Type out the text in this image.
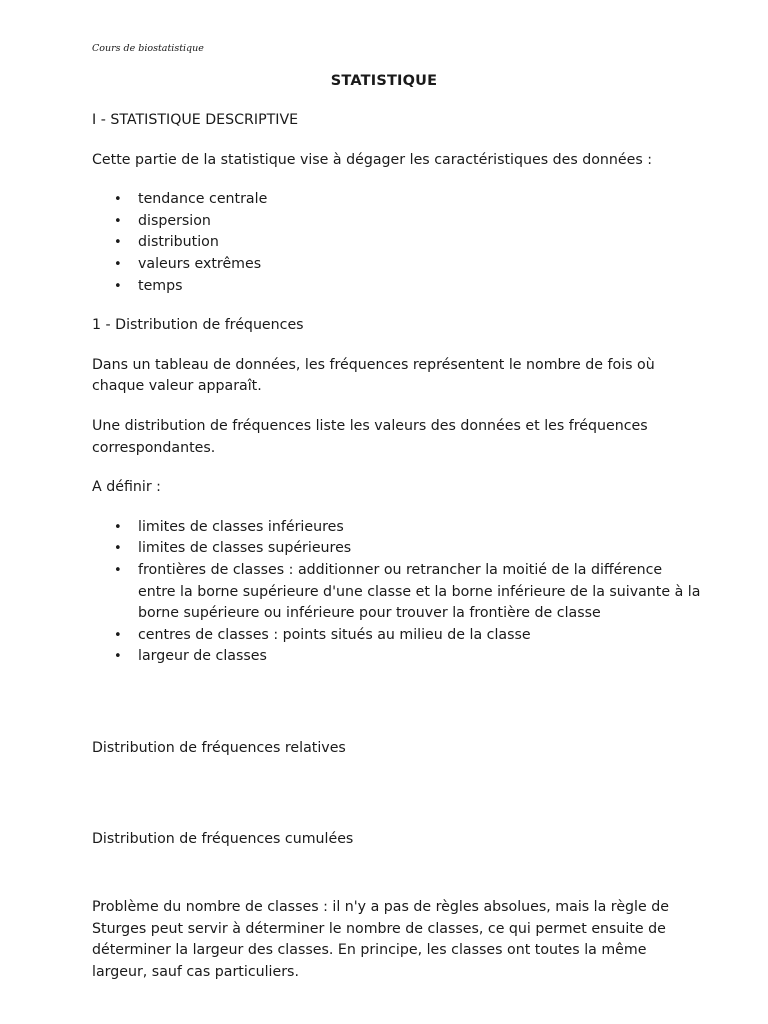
Cours de biostatistique
STATISTIQUE

I - STATISTIQUE DESCRIPTIVE

Cette partie de la statistique vise à dégager les caractéristiques des données :

• tendance centrale
• dispersion
• distribution
• valeurs extrêmes
• temps

1 - Distribution de fréquences

Dans un tableau de données, les fréquences représentent le nombre de fois où chaque valeur apparaît.

Une distribution de fréquences liste les valeurs des données et les fréquences correspondantes.

A définir :

• limites de classes inférieures
• limites de classes supérieures
• frontières de classes : additionner ou retrancher la moitié de la différence entre la borne supérieure d'une classe et la borne inférieure de la suivante à la borne supérieure ou inférieure pour trouver la frontière de classe
• centres de classes : points situés au milieu de la classe
• largeur de classes

Distribution de fréquences relatives

Distribution de fréquences cumulées

Problème du nombre de classes : il n'y a pas de règles absolues, mais la règle de Sturges peut servir à déterminer le nombre de classes, ce qui permet ensuite de déterminer la largeur des classes. En principe, les classes ont toutes la même largeur, sauf cas particuliers.
